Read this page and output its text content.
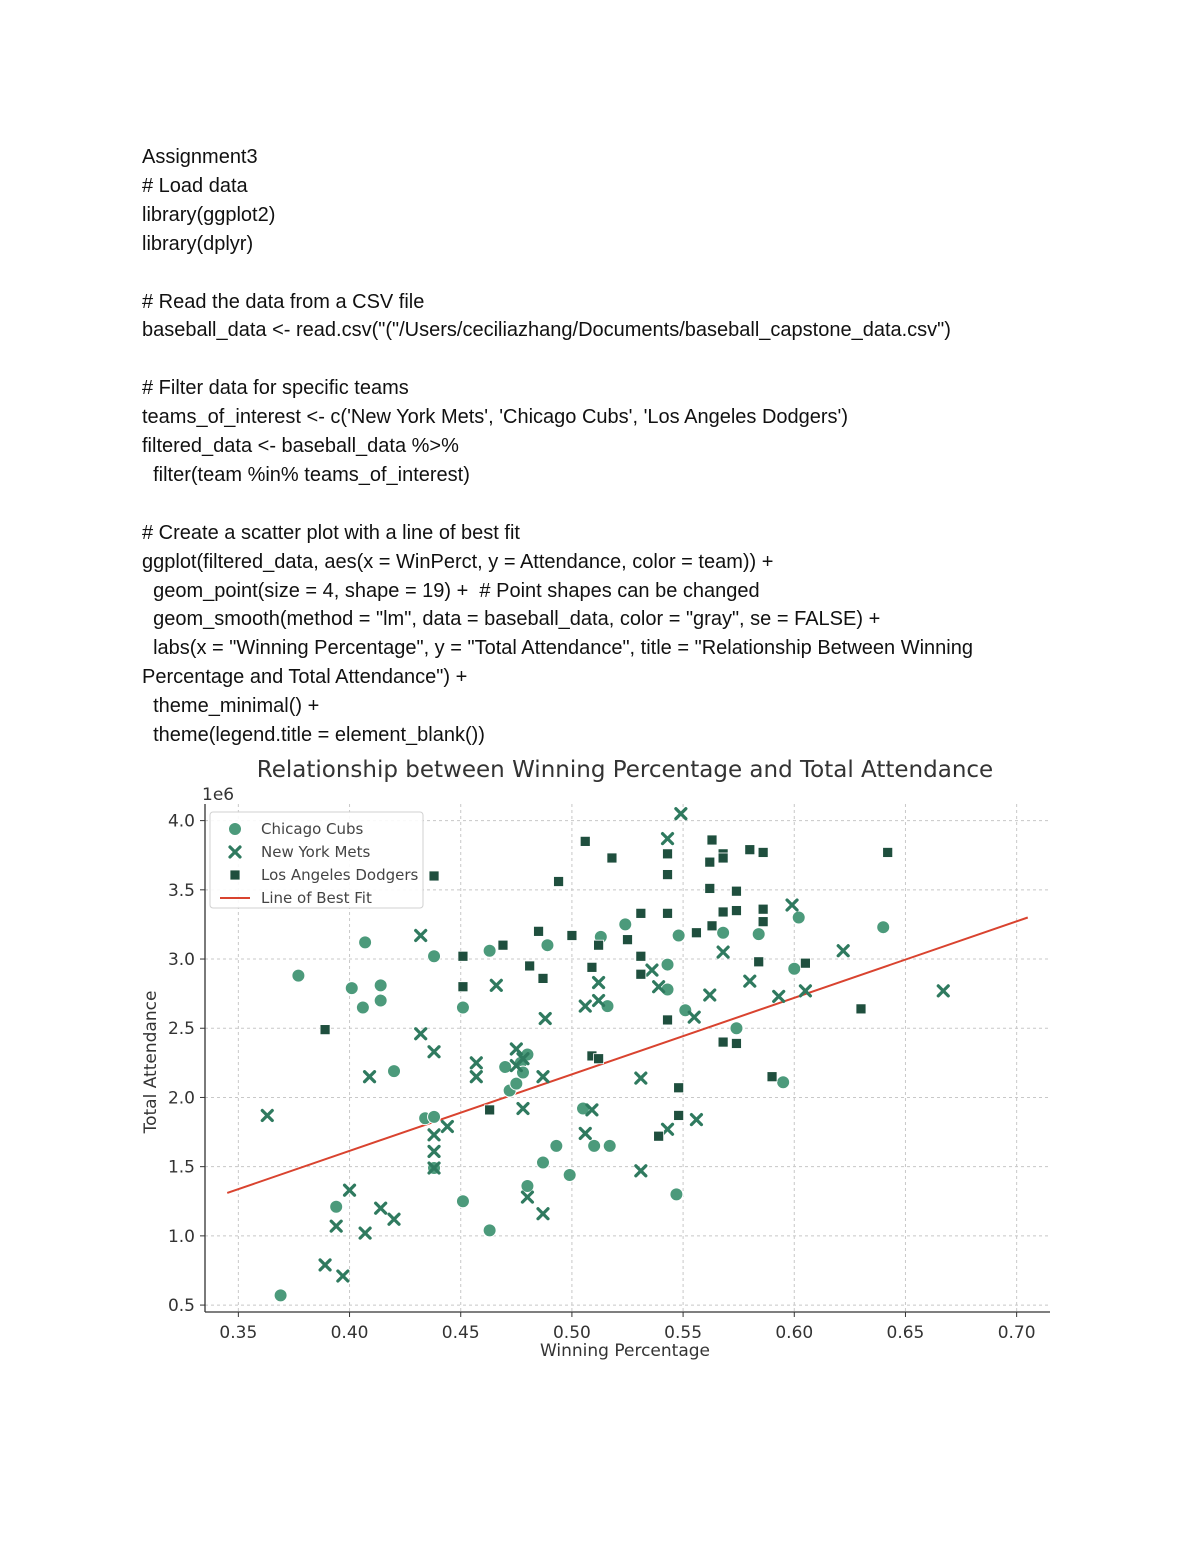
Assignment3
# Load data
library(ggplot2)
library(dplyr)
# Read the data from a CSV file
baseball_data <- read.csv("("/Users/ceciliazhang/Documents/baseball_capstone_data.csv")
# Filter data for specific teams
teams_of_interest <- c('New York Mets', 'Chicago Cubs', 'Los Angeles Dodgers')
filtered_data <- baseball_data %>%
filter(team %in% teams_of_interest)
# Create a scatter plot with a line of best fit
ggplot(filtered_data, aes(x = WinPerct, y = Attendance, color = team)) +
geom_point(size = 4, shape = 19) +  # Point shapes can be changed
geom_smooth(method = "lm", data = baseball_data, color = "gray", se = FALSE) +
labs(x = "Winning Percentage", y = "Total Attendance", title = "Relationship Between Winning
Percentage and Total Attendance") +
theme_minimal() +
theme(legend.title = element_blank())
Relationship between Winning Percentage and Total Attendance
1e6
0.35	0.40	0.45	0.50	0.55	0.60	0.65	0.70
0.5
1.0
1.5
2.0
2.5
3.0
3.5
4.0
Winning Percentage
Total Attendance
Chicago Cubs
New York Mets
Los Angeles Dodgers
Line of Best Fit
